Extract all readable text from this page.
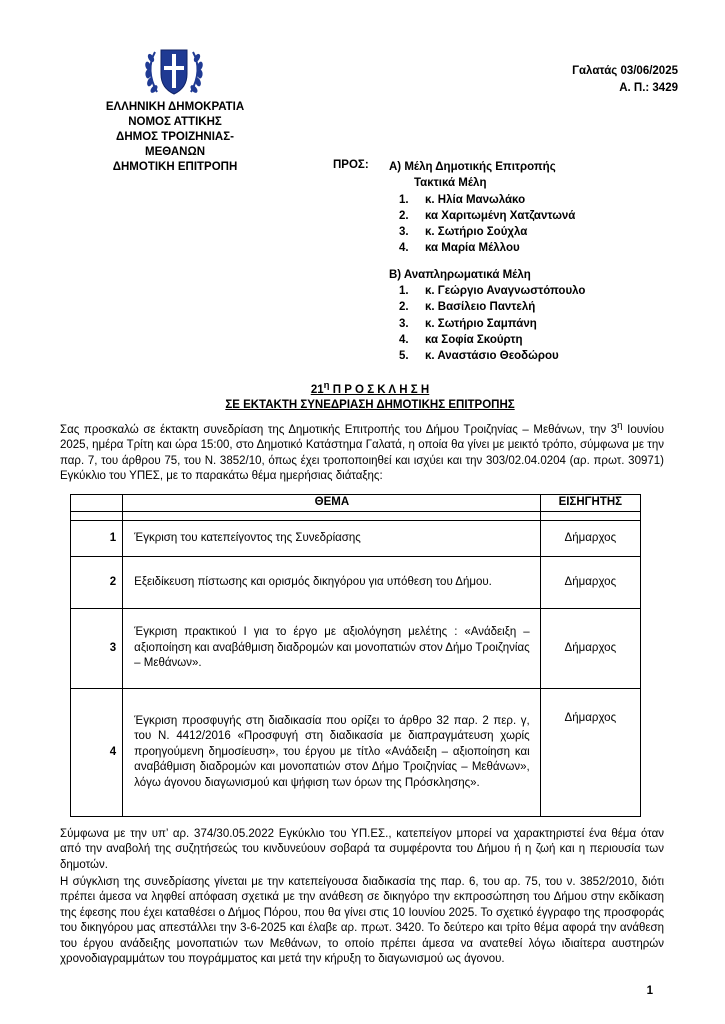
Γαλατάς 03/06/2025
Α. Π.: 3429
ΕΛΛΗΝΙΚΗ ΔΗΜΟΚΡΑΤΙΑ
ΝΟΜΟΣ ΑΤΤΙΚΗΣ
ΔΗΜΟΣ ΤΡΟΙΖΗΝΙΑΣ- ΜΕΘΑΝΩΝ
ΔΗΜΟΤΙΚΗ ΕΠΙΤΡΟΠΗ	ΠΡΟΣ: Α) Μέλη Δημοτικής Επιτροπής
Τακτικά Μέλη
1.	κ. Ηλία Μανωλάκο
2.	κα Χαριτωμένη Χατζαντωνά
3.	κ. Σωτήριο Σούχλα
4.	κα Μαρία Μέλλου
Β) Αναπληρωματικά Μέλη
1.	κ. Γεώργιο Αναγνωστόπουλο
2.	κ. Βασίλειο Παντελή
3.	κ. Σωτήριο Σαμπάνη
4.	κα Σοφία Σκούρτη
5.	κ. Αναστάσιο Θεοδώρου
$21^\eta$ Π Ρ Ο Σ Κ Λ Η Σ Η
ΣΕ ΕΚΤΑΚΤΗ ΣΥΝΕΔΡΙΑΣΗ ΔΗΜΟΤΙΚΗΣ ΕΠΙΤΡΟΠΗΣ
Σας προσκαλώ σε έκτακτη συνεδρίαση της Δημοτικής Επιτροπής του Δήμου Τροιζηνίας – Μεθάνων, την $3^\eta$ Ιουνίου 2025, ημέρα Τρίτη και ώρα 15:00, στο Δημοτικό Κατάστημα Γαλατά, η οποία θα γίνει με μεικτό τρόπο, σύμφωνα με την παρ. 7, του άρθρου 75, του Ν. 3852/10, όπως έχει τροποποιηθεί και ισχύει και την 303/02.04.0204 (αρ. πρωτ. 30971) Εγκύκλιο του ΥΠΕΣ, με το παρακάτω θέμα ημερήσιας διάταξης:
	ΘΕΜΑ	ΕΙΣΗΓΗΤΗΣ

1	Έγκριση του κατεπείγοντος της Συνεδρίασης	Δήμαρχος
2	Εξειδίκευση πίστωσης και ορισμός δικηγόρου για υπόθεση του Δήμου.	Δήμαρχος
3	Έγκριση πρακτικού Ι για το έργο με αξιολόγηση μελέτης : «Ανάδειξη – αξιοποίηση και αναβάθμιση διαδρομών και μονοπατιών στον Δήμο Τροιζηνίας – Μεθάνων».	Δήμαρχος
4	Έγκριση προσφυγής στη διαδικασία που ορίζει το άρθρο 32 παρ. 2 περ. γ, του Ν. 4412/2016 «Προσφυγή στη διαδικασία με διαπραγμάτευση χωρίς προηγούμενη δημοσίευση», του έργου με τίτλο «Ανάδειξη – αξιοποίηση και αναβάθμιση διαδρομών και μονοπατιών στον Δήμο Τροιζηνίας – Μεθάνων», λόγω άγονου διαγωνισμού και ψήφιση των όρων της Πρόσκλησης».	Δήμαρχος
Σύμφωνα με την υπ’ αρ. 374/30.05.2022 Εγκύκλιο του ΥΠ.ΕΣ., κατεπείγον μπορεί να χαρακτηριστεί ένα θέμα όταν από την αναβολή της συζητήσεώς του κινδυνεύουν σοβαρά τα συμφέροντα του Δήμου ή η ζωή και η περιουσία των δημοτών.
Η σύγκλιση της συνεδρίασης γίνεται με την κατεπείγουσα διαδικασία της παρ. 6, του αρ. 75, του ν. 3852/2010, διότι πρέπει άμεσα να ληφθεί απόφαση σχετικά με την ανάθεση σε δικηγόρο την εκπροσώπηση του Δήμου στην εκδίκαση της έφεσης που έχει καταθέσει ο Δήμος Πόρου, που θα γίνει στις 10 Ιουνίου 2025. Το σχετικό έγγραφο της προσφοράς του δικηγόρου μας απεστάλλει την 3-6-2025 και έλαβε αρ. πρωτ. 3420. Το δεύτερο και τρίτο θέμα αφορά την ανάθεση του έργου ανάδειξης μονοπατιών των Μεθάνων, το οποίο πρέπει άμεσα να ανατεθεί λόγω ιδιαίτερα αυστηρών χρονοδιαγραμμάτων του πογράμματος και μετά την κήρυξη το διαγωνισμού ως άγονου.
1
